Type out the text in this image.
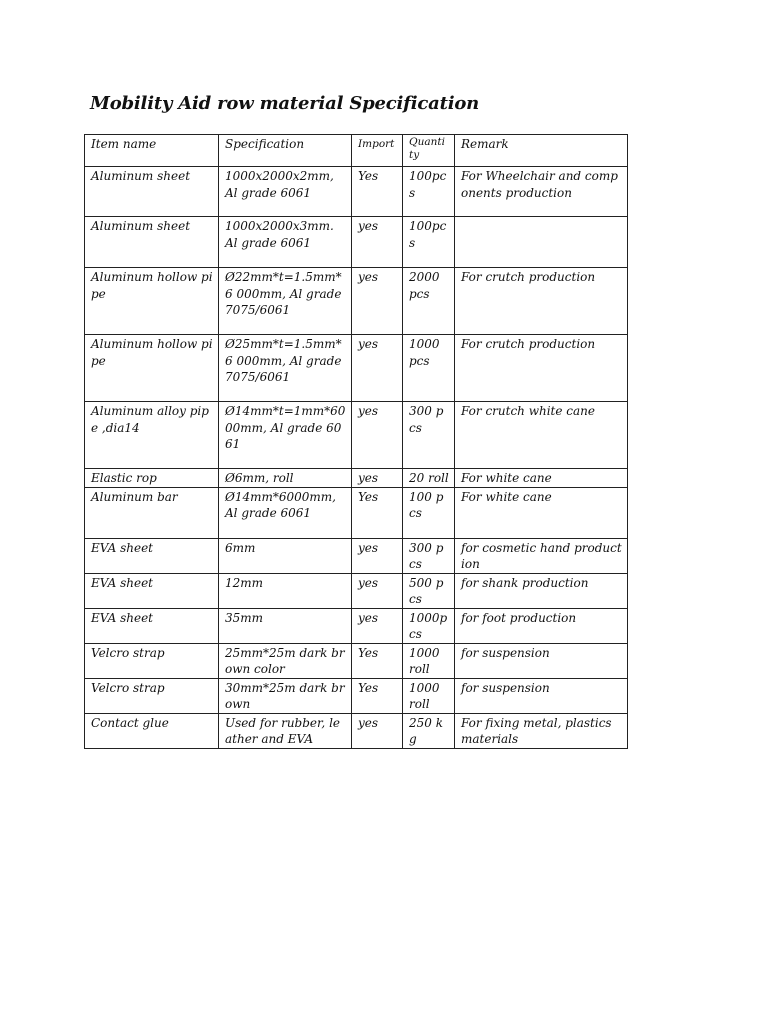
Mobility Aid row material Specification
Item name	Specification	Import	Quanti ty	Remark
Aluminum sheet	1000x2000x2mm, Al grade 6061	Yes	100pc s	For Wheelchair and components production
Aluminum sheet	1000x2000x3mm. Al grade 6061	yes	100pc s	
Aluminum hollow pipe	Ø22mm*t=1.5mm*6 000mm, Al grade7075/6061	yes	2000 pcs	For crutch production
Aluminum hollow pipe	Ø25mm*t=1.5mm*6 000mm, Al grade7075/6061	yes	1000 pcs	For crutch production
Aluminum alloy pipe ,dia14	Ø14mm*t=1mm*60 00mm, Al grade 6061	yes	300 pcs	For crutch white cane
Elastic rop	Ø6mm, roll	yes	20 roll	For white cane
Aluminum bar	Ø14mm*6000mm, Al grade 6061	Yes	100 pcs	For white cane
EVA sheet	6mm	yes	300 pcs	for cosmetic hand production
EVA sheet	12mm	yes	500 pcs	for shank production
EVA sheet	35mm	yes	1000p cs	for foot production
Velcro strap	25mm*25m dark brown color	Yes	1000 roll	for suspension
Velcro strap	30mm*25m dark brown	Yes	1000 roll	for suspension
Contact glue	Used for rubber, leather and EVA	yes	250 kg	For fixing metal, plastics materials
